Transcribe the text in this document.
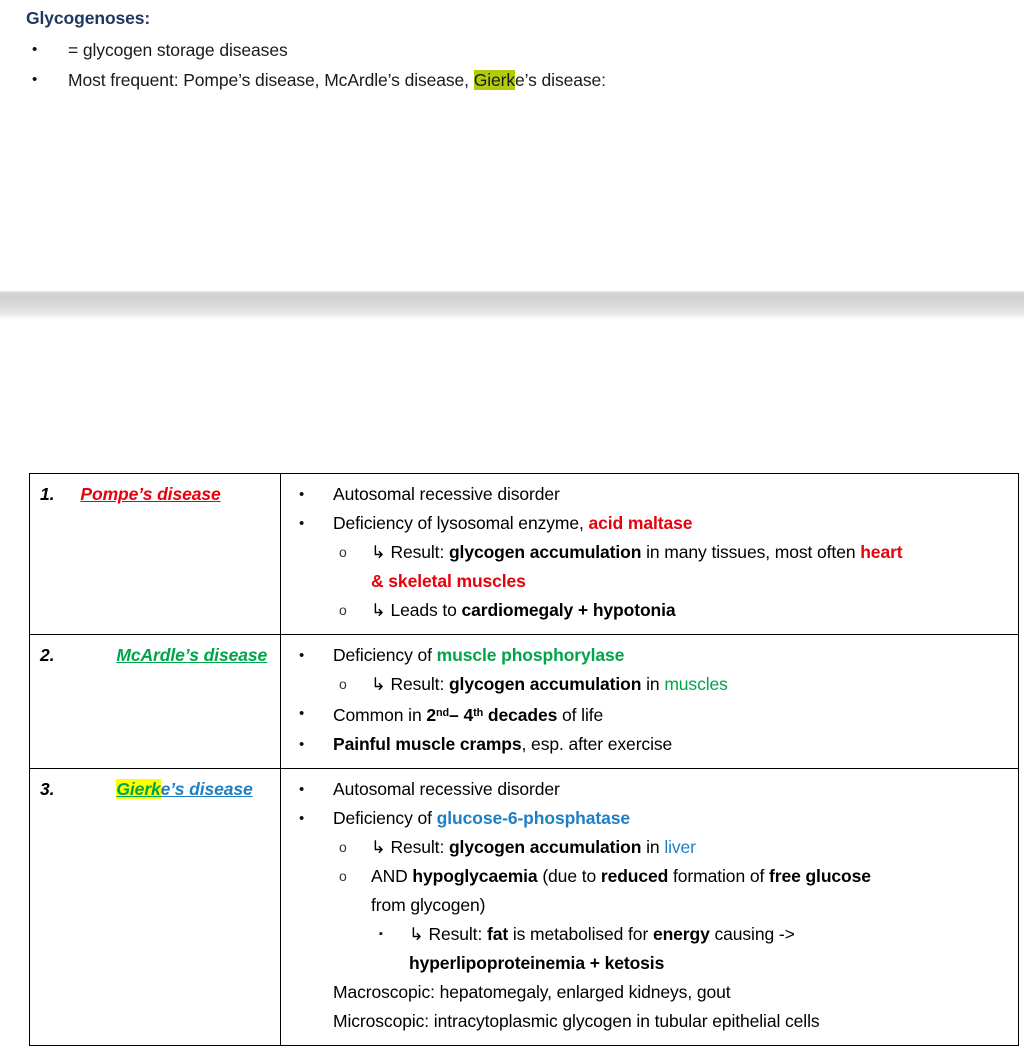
Glycogenoses:
• = glycogen storage diseases
• Most frequent: Pompe’s disease, McArdle’s disease, Gierke’s disease:
1. Pompe’s disease	• Autosomal recessive disorder
• Deficiency of lysosomal enzyme, acid maltase
o ↳ Result: glycogen accumulation in many tissues, most often heart
& skeletal muscles
o ↳ Leads to cardiomegaly + hypotonia

2.	McArdle’s disease	• Deficiency of muscle phosphorylase
o ↳ Result: glycogen accumulation in muscles
• Common in 2nd– 4th decades of life
• Painful muscle cramps, esp. after exercise

3.	Gierke’s disease	• Autosomal recessive disorder
• Deficiency of glucose-6-phosphatase
o ↳ Result: glycogen accumulation in liver
o AND hypoglycaemia (due to reduced formation of free glucose
from glycogen)
▪ ↳ Result: fat is metabolised for energy causing ->
hyperlipoproteinemia + ketosis
Macroscopic: hepatomegaly, enlarged kidneys, gout
Microscopic: intracytoplasmic glycogen in tubular epithelial cells
